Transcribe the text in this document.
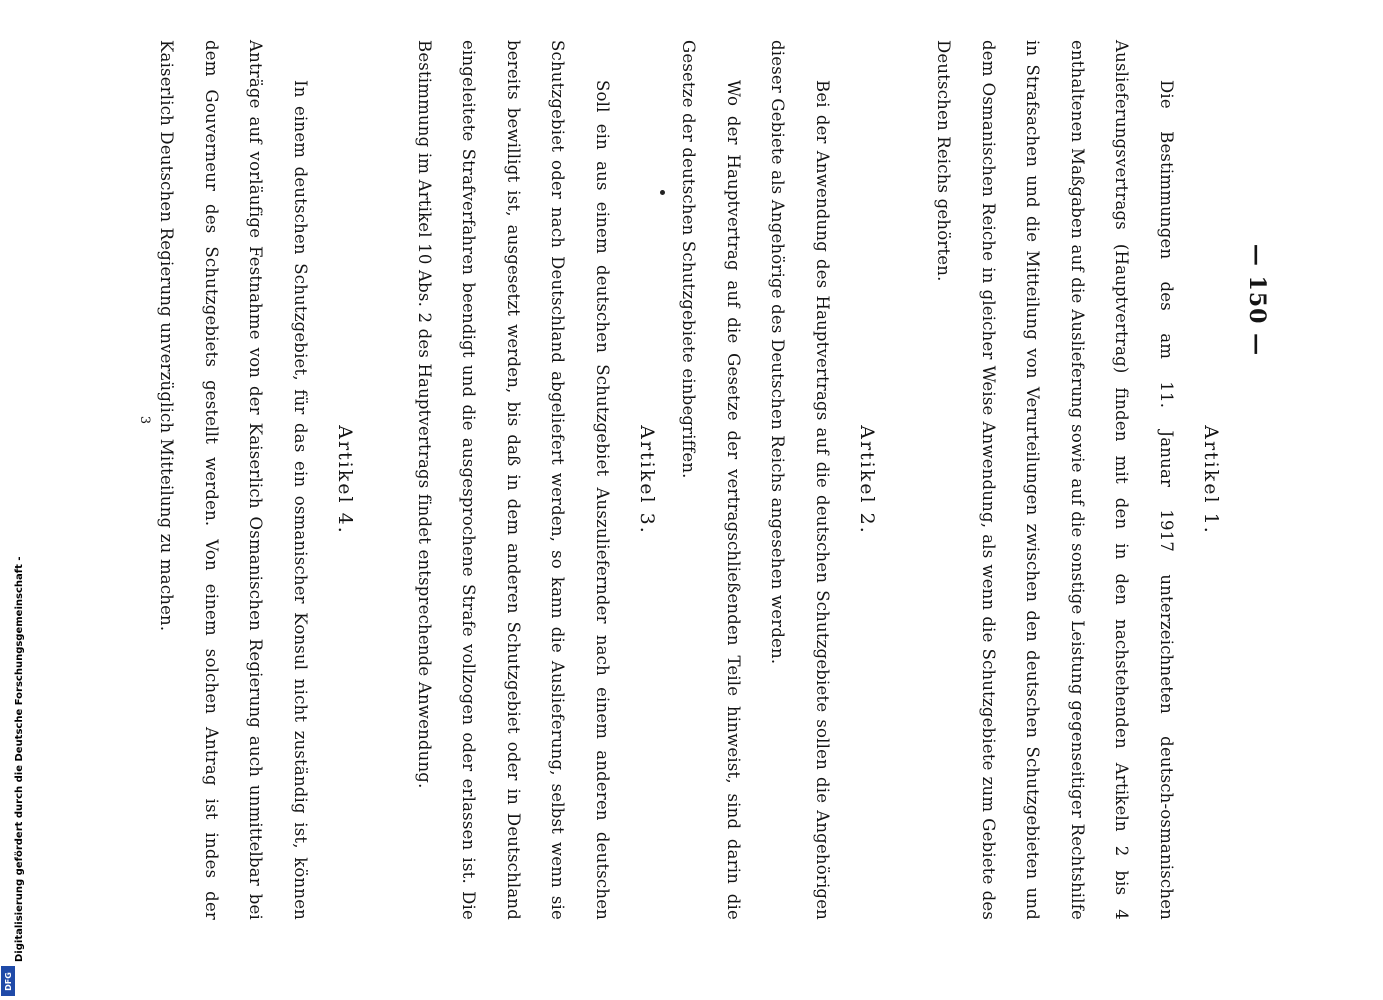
— 150 —
Artikel 1.
Die Bestimmungen des am 11. Januar 1917 unterzeichneten deutsch-osmanischen Auslieferungsvertrags (Hauptvertrag) finden mit den in den nachstehenden Artikeln 2 bis 4 enthaltenen Maßgaben auf die Auslieferung sowie auf die sonstige Leistung gegenseitiger Rechtshilfe in Strafsachen und die Mitteilung von Verurteilungen zwischen den deutschen Schutzgebieten und dem Osmanischen Reiche in gleicher Weise Anwendung, als wenn die Schutzgebiete zum Gebiete des Deutschen Reichs gehörten.
Artikel 2.
Bei der Anwendung des Hauptvertrags auf die deutschen Schutzgebiete sollen die Angehörigen dieser Gebiete als Angehörige des Deutschen Reichs angesehen werden.
Wo der Hauptvertrag auf die Gesetze der vertragschließenden Teile hinweist, sind darin die Gesetze der deutschen Schutzgebiete einbegriffen.
Artikel 3.
Soll ein aus einem deutschen Schutzgebiet Auszuliefernder nach einem anderen deutschen Schutzgebiet oder nach Deutschland abgeliefert werden, so kann die Auslieferung, selbst wenn sie bereits bewilligt ist, ausgesetzt werden, bis daß in dem anderen Schutzgebiet oder in Deutschland eingeleitete Strafverfahren beendigt und die ausgesprochene Strafe vollzogen oder erlassen ist. Die Bestimmung im Artikel 10 Abs. 2 des Hauptvertrags findet entsprechende Anwendung.
Artikel 4.
In einem deutschen Schutzgebiet, für das ein osmanischer Konsul nicht zuständig ist, können Anträge auf vorläufige Festnahme von der Kaiserlich Osmanischen Regierung auch unmittelbar bei dem Gouverneur des Schutzgebiets gestellt werden. Von einem solchen Antrag ist indes der Kaiserlich Deutschen Regierung unverzüglich Mitteilung zu machen.
3
Digitalisierung gefördert durch die Deutsche Forschungsgemeinschaft -
DFG
